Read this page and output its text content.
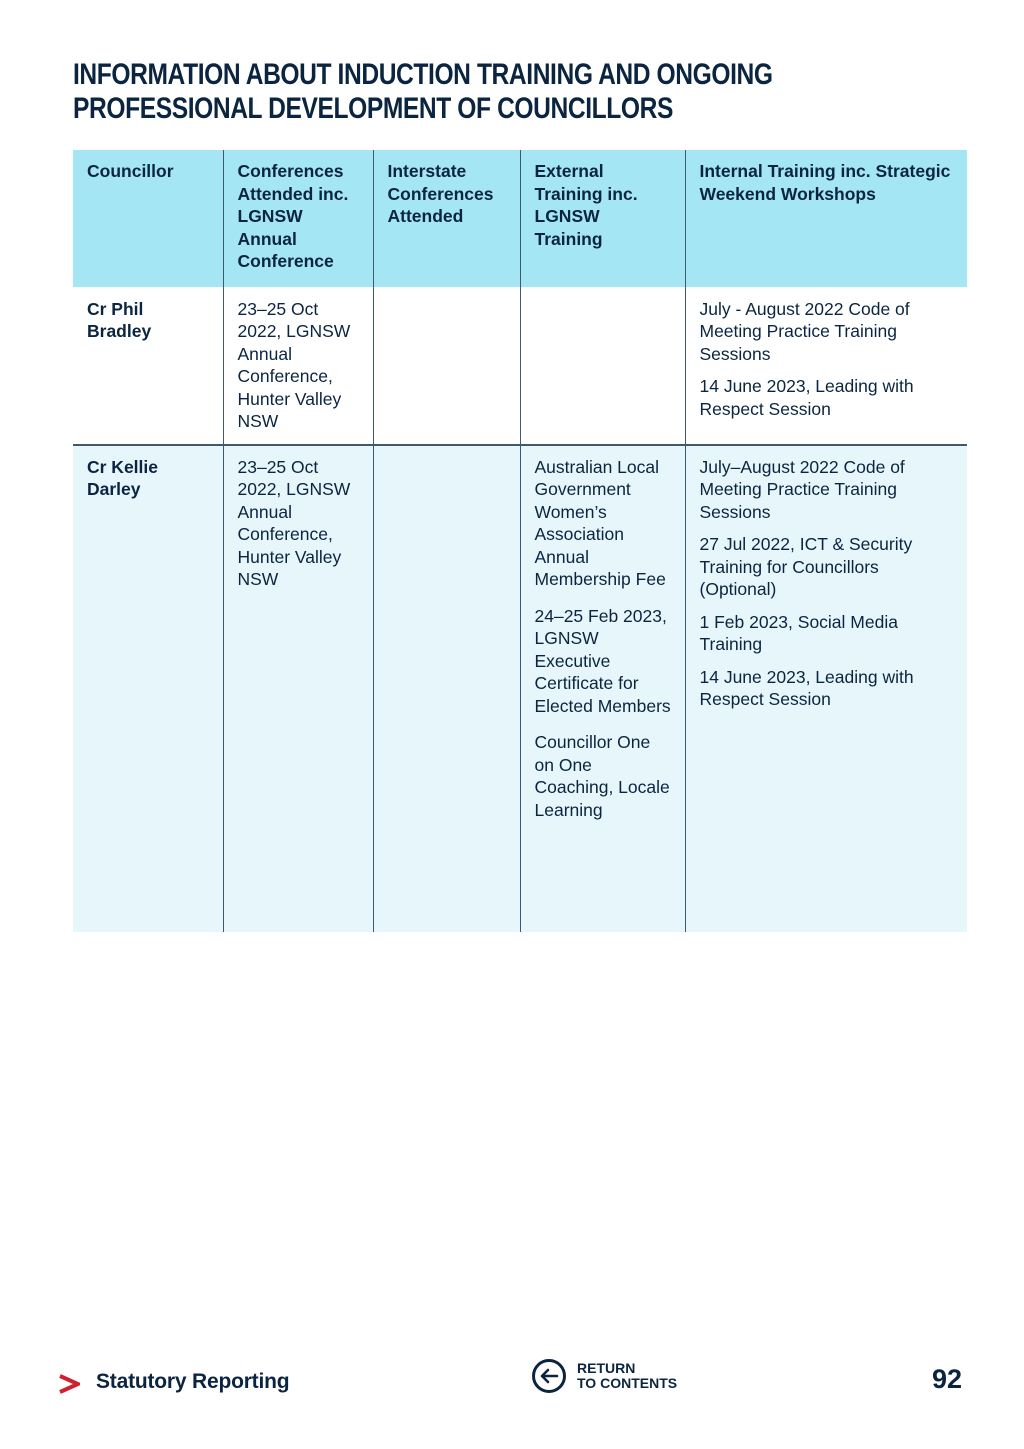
INFORMATION ABOUT INDUCTION TRAINING AND ONGOING
PROFESSIONAL DEVELOPMENT OF COUNCILLORS
Councillor	Conferences Attended inc. LGNSW Annual Conference	Interstate Conferences Attended	External Training inc. LGNSW Training	Internal Training inc. Strategic Weekend Workshops
Cr Phil Bradley	23–25 Oct 2022, LGNSW Annual Conference, Hunter Valley NSW			July - August 2022 Code of Meeting Practice Training Sessions
14 June 2023, Leading with Respect Session

Cr Kellie Darley	23–25 Oct 2022, LGNSW Annual Conference, Hunter Valley NSW		Australian Local Government Women’s Association Annual Membership Fee
24–25 Feb 2023, LGNSW Executive Certificate for Elected Members
Councillor One on One Coaching, Locale Learning	July–August 2022 Code of Meeting Practice Training Sessions
27 Jul 2022, ICT & Security Training for Councillors (Optional)
1 Feb 2023, Social Media Training
14 June 2023, Leading with Respect Session
Statutory Reporting
RETURN
TO CONTENTS	92
